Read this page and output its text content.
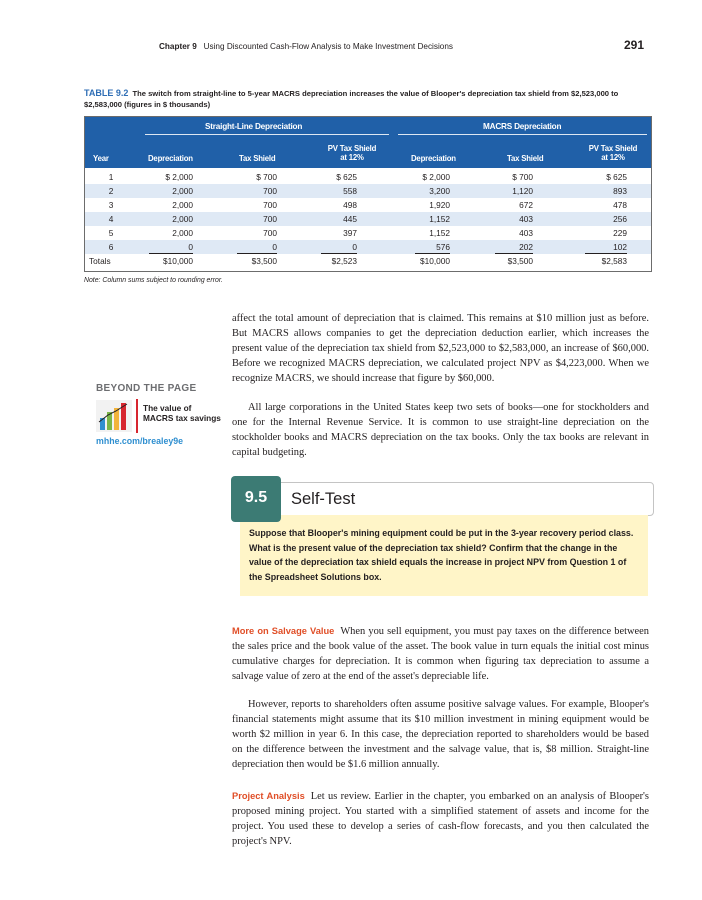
Chapter 9 Using Discounted Cash-Flow Analysis to Make Investment Decisions	291
TABLE 9.2 The switch from straight-line to 5-year MACRS depreciation increases the value of Blooper's depreciation tax shield from $2,523,000 to $2,583,000 (figures in $ thousands)
Straight-Line Depreciation	MACRS Depreciation
Year	Depreciation	Tax Shield
PV Tax Shield
at 12%	Depreciation	Tax Shield
PV Tax Shield
at 12%
1	$ 2,000	$ 700	$ 625	$ 2,000	$ 700	$ 625
2	2,000	700	558	3,200	1,120	893
3	2,000	700	498	1,920	672	478
4	2,000	700	445	1,152	403	256
5	2,000	700	397	1,152	403	229
6	0	0	0	576	202	102
Totals	$10,000	$3,500	$2,523	$10,000	$3,500	$2,583
Note: Column sums subject to rounding error.
affect the total amount of depreciation that is claimed. This remains at $10 million just as before. But MACRS allows companies to get the depreciation deduction earlier, which increases the present value of the depreciation tax shield from $2,523,000 to $2,583,000, an increase of $60,000. Before we recognized MACRS depreciation, we calculated project NPV as $4,223,000. When we recognize MACRS, we should increase that figure by $60,000.
BEYOND THE PAGE
The value of
MACRS tax savings
mhhe.com/brealey9e
All large corporations in the United States keep two sets of books—one for stockholders and one for the Internal Revenue Service. It is common to use straight-line depreciation on the stockholder books and MACRS depreciation on the tax books. Only the tax books are relevant in capital budgeting.
9.5	Self-Test
Suppose that Blooper's mining equipment could be put in the 3-year recovery period class. What is the present value of the depreciation tax shield? Confirm that the change in the value of the depreciation tax shield equals the increase in project NPV from Question 1 of the Spreadsheet Solutions box.
More on Salvage Value When you sell equipment, you must pay taxes on the difference between the sales price and the book value of the asset. The book value in turn equals the initial cost minus cumulative charges for depreciation. It is common when figuring tax depreciation to assume a salvage value of zero at the end of the asset's depreciable life.
However, reports to shareholders often assume positive salvage values. For example, Blooper's financial statements might assume that its $10 million investment in mining equipment would be worth $2 million in year 6. In this case, the depreciation reported to shareholders would be based on the difference between the investment and the salvage value, that is, $8 million. Straight-line depreciation then would be $1.6 million annually.
Project Analysis Let us review. Earlier in the chapter, you embarked on an analysis of Blooper's proposed mining project. You started with a simplified statement of assets and income for the project. You used these to develop a series of cash-flow forecasts, and you then calculated the project's NPV.
